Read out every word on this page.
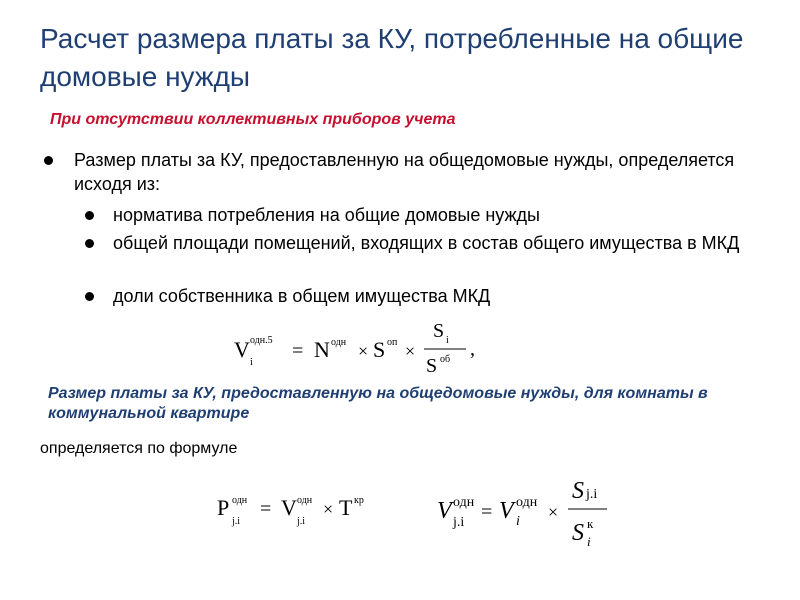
Расчет размера платы за КУ, потребленные на общие домовые нужды
При отсутствии коллективных приборов учета
Размер платы за КУ, предоставленную на общедомовые нужды, определяется исходя из:
норматива потребления на общие домовые нужды
общей площади помещений, входящих в состав общего имущества в МКД
доли собственника в общем имущества МКД
V одн.5
i
= N одн × S оп ×
S i
S об ,
Размер платы за КУ, предоставленную на общедомовые нужды, для комнаты в коммунальной квартире
определяется по формуле
P одн
j.i
= V одн
j.i
× T кр	V одн
j.i = V одн
i ×
S j.i
S к
i
